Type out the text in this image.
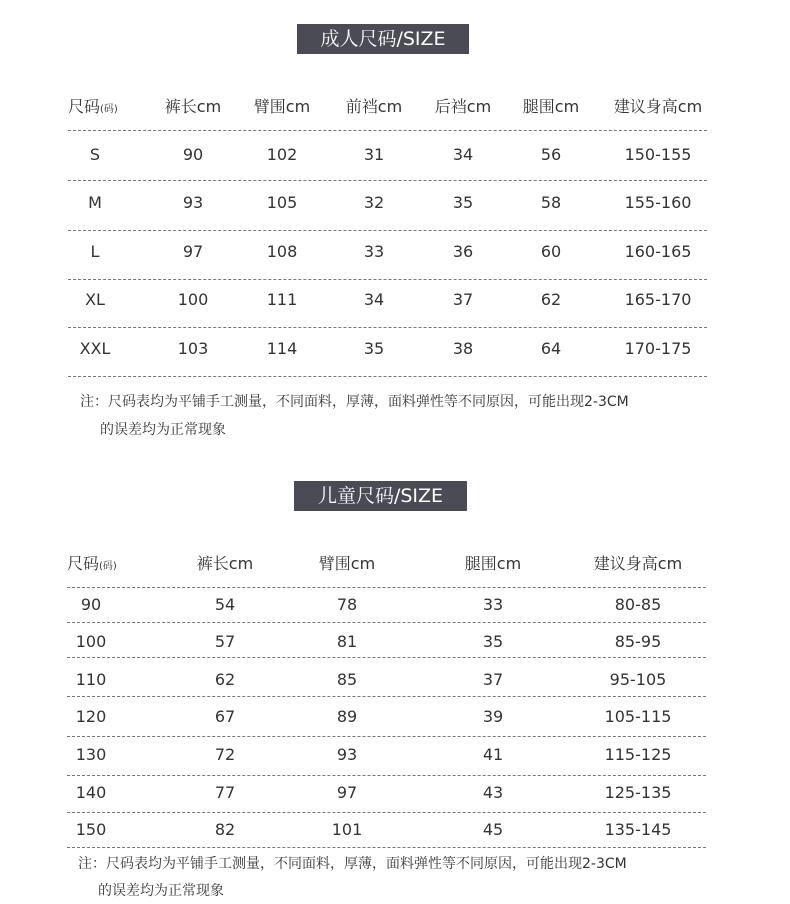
成人尺码/SIZE
尺码(码)	裤长cm 臂围cm 前裆cm 后裆cm 腿围cm 建议身高cm
S	90	102	31	34	56	150-155
M	93	105	32	35	58	155-160
L	97	108	33	36	60	160-165
XL	100	111	34	37	62	165-170
XXL	103	114	35	38	64	170-175
注：尺码表均为平铺手工测量，不同面料，厚薄，面料弹性等不同原因，可能出现2-3CM
的误差均为正常现象
儿童尺码/SIZE
尺码(码)	裤长cm	臂围cm	腿围cm	建议身高cm
90	54	78	33	80-85
100	57	81	35	85-95
110	62	85	37	95-105
120	67	89	39	105-115
130	72	93	41	115-125
140	77	97	43	125-135
150	82	101	45	135-145
注：尺码表均为平铺手工测量，不同面料，厚薄，面料弹性等不同原因，可能出现2-3CM
的误差均为正常现象
